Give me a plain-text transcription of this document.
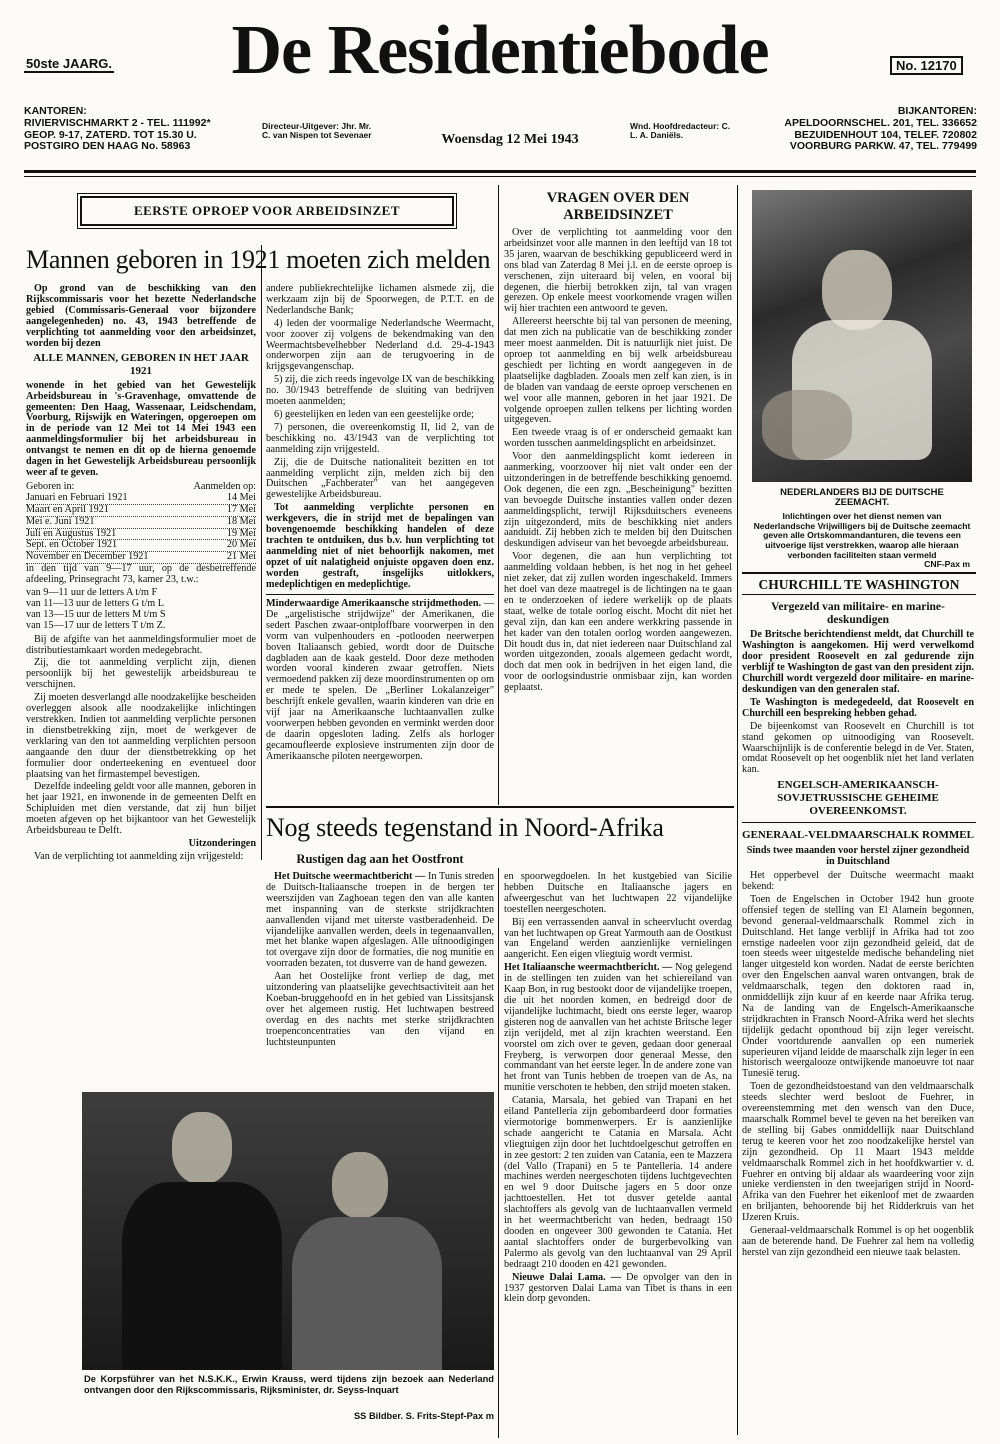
50ste JAARG.	De Residentiebode	No. 12170
KANTOREN:
RIVIERVISCHMARKT 2 - TEL. 111992*
GEOP. 9-17, ZATERD. TOT 15.30 U.
POSTGIRO DEN HAAG No. 58963
Directeur-Uitgever: Jhr. Mr. C. van Nispen tot Sevenaer	Woensdag 12 Mei 1943
Wnd. Hoofdredacteur: C. L. A. Daniëls.
BIJKANTOREN:
APELDOORNSCHEL. 201, TEL. 336652
BEZUIDENHOUT 104, TELEF. 720802
VOORBURG PARKW. 47, TEL. 779499
EERSTE OPROEP VOOR ARBEIDSINZET
Mannen geboren in 1921 moeten zich melden

Op grond van de beschikking van den Rijkscommissaris voor het bezette Nederlandsche gebied (Commissaris-Generaal voor bijzondere aangelegenheden) no. 43, 1943 betreffende de verplichting tot aanmelding voor den arbeidsinzet, worden bij dezen

ALLE MANNEN, GEBOREN IN HET JAAR 1921

wonende in het gebied van het Gewestelijk Arbeidsbureau in 's-Gravenhage, omvattende de gemeenten: Den Haag, Wassenaar, Leidschendam, Voorburg, Rijswijk en Wateringen, opgeroepen om in de periode van 12 Mei tot 14 Mei 1943 een aanmeldingsformulier bij het arbeidsbureau in ontvangst te nemen en dit op de hierna genoemde dagen in het Gewestelijk Arbeidsbureau persoonlijk weer af te geven.

Geboren in:	Aanmelden op:
Januari en Februari 1921	14 Mei
Maart en April 1921	17 Mei
Mei e. Juni 1921	18 Mei
Juli en Augustus 1921	19 Mei
Sept. en October 1921	20 Mei
November en December 1921	21 Mei

in den tijd van 9—17 uur, op de desbetreffende afdeeling, Prinsegracht 73, kamer 23, t.w.:

van 9—11 uur de letters A t/m F
van 11—13 uur de letters G t/m L
van 13—15 uur de letters M t/m S
van 15—17 uur de letters T t/m Z.

Bij de afgifte van het aanmeldingsformulier moet de distributiestamkaart worden medegebracht.

Zij, die tot aanmelding verplicht zijn, dienen persoonlijk bij het gewestelijk arbeidsbureau te verschijnen.

Zij moeten desverlangd alle noodzakelijke bescheiden overleggen alsook alle noodzakelijke inlichtingen verstrekken. Indien tot aanmelding verplichte personen in dienstbetrekking zijn, moet de werkgever de verklaring van den tot aanmelding verplichten persoon aangaande den duur der dienstbetrekking op het formulier door onderteekening en eventueel door plaatsing van het firmastempel bevestigen.

Dezelfde indeeling geldt voor alle mannen, geboren in het jaar 1921, en inwonende in de gemeenten Delft en Schipluiden met dien verstande, dat zij hun biljet moeten afgeven op het bijkantoor van het Gewestelijk Arbeidsbureau te Delft.

Uitzonderingen

Van de verplichting tot aanmelding zijn vrijgesteld:

andere publiekrechtelijke lichamen alsmede zij, die werkzaam zijn bij de Spoorwegen, de P.T.T. en de Nederlandsche Bank;

4) leden der voormalige Nederlandsche Weermacht, voor zoover zij volgens de bekendmaking van den Weermachtsbevelhebber Nederland d.d. 29-4-1943 onderworpen zijn aan de terugvoering in de krijgsgevangenschap.

5) zij, die zich reeds ingevolge IX van de beschikking no. 30/1943 betreffende de sluiting van bedrijven moeten aanmelden;

6) geestelijken en leden van een geestelijke orde;

7) personen, die overeenkomstig II, lid 2, van de beschikking no. 43/1943 van de verplichting tot aanmelding zijn vrijgesteld.

Zij, die de Duitsche nationaliteit bezitten en tot aanmelding verplicht zijn, melden zich bij den Duitschen „Fachberater" van het aangegeven gewestelijke Arbeidsbureau.

Tot aanmelding verplichte personen en werkgevers, die in strijd met de bepalingen van bovengenoemde beschikking handelen of deze trachten te ontduiken, dus b.v. hun verplichting tot aanmelding niet of niet behoorlijk nakomen, met opzet of uit nalatigheid onjuiste opgaven doen enz. worden gestraft, insgelijks uitlokkers, medeplichtigen en medeplichtige.

Minderwaardige Amerikaansche strijdmethoden. — De „argelistische strijdwijze" der Amerikanen, die sedert Paschen zwaar-ontploffbare voorwerpen in den vorm van vulpenhouders en -potlooden neerwerpen boven Italiaansch gebied, wordt door de Duitsche dagbladen aan de kaak gesteld. Door deze methoden worden vooral kinderen zwaar getroffen. Niets vermoedend pakken zij deze moordinstrumenten op om er mede te spelen. De „Berliner Lokalanzeiger" beschrijft enkele gevallen, waarin kinderen van drie en vijf jaar na Amerikaansche luchtaanvallen zulke voorwerpen hebben gevonden en verminkt werden door de daarin opgesloten lading. Zelfs als horloger gecamoufleerde explosieve instrumenten zijn door de Amerikaansche piloten neergeworpen.

VRAGEN OVER DEN ARBEIDSINZET

Over de verplichting tot aanmelding voor den arbeidsinzet voor alle mannen in den leeftijd van 18 tot 35 jaren, waarvan de beschikking gepubliceerd werd in ons blad van Zaterdag 8 Mei j.l. en de eerste oproep is verschenen, zijn uiteraard bij velen, en vooral bij degenen, die hierbij betrokken zijn, tal van vragen gerezen. Op enkele meest voorkomende vragen willen wij hier trachten een antwoord te geven.

Allereerst heerschte bij tal van personen de meening, dat men zich na publicatie van de beschikking zonder meer moest aanmelden. Dit is natuurlijk niet juist. De oproep tot aanmelding en bij welk arbeidsbureau geschiedt per lichting en wordt aangegeven in de plaatselijke dagbladen. Zooals men zelf kan zien, is in de bladen van vandaag de eerste oproep verschenen en wel voor alle mannen, geboren in het jaar 1921. De volgende oproepen zullen telkens per lichting worden uitgegeven.

Een tweede vraag is of er onderscheid gemaakt kan worden tusschen aanmeldingsplicht en arbeidsinzet.

Voor den aanmeldingsplicht komt iedereen in aanmerking, voorzoover hij niet valt onder een der uitzonderingen in de betreffende beschikking genoemd. Ook degenen, die een zgn. „Bescheinigung" bezitten van bevoegde Duitsche instanties vallen onder dezen aanmeldingsplicht, terwijl Rijksduitschers eveneens zijn uitgezonderd, mits de beschikking niet anders aanduidt. Zij hebben zich te melden bij den Duitschen deskundigen adviseur van het bevoegde arbeidsbureau.

Voor degenen, die aan hun verplichting tot aanmelding voldaan hebben, is het nog in het geheel niet zeker, dat zij zullen worden ingeschakeld. Immers het doel van deze maatregel is de lichtingen na te gaan en te onderzoeken of iedere werkelijk op de plaats staat, welke de totale oorlog eischt. Mocht dit niet het geval zijn, dan kan een andere werkkring passende in het kader van den totalen oorlog worden aangewezen. Dit houdt dus in, dat niet iedereen naar Duitschland zal worden uitgezonden, zooals algemeen gedacht wordt, doch dat men ook in bedrijven in het eigen land, die voor de oorlogsindustrie onmisbaar zijn, kan worden geplaatst.

NEDERLANDERS BIJ DE DUITSCHE ZEEMACHT.
Inlichtingen over het dienst nemen van Nederlandsche Vrijwilligers bij de Duitsche zeemacht geven alle Ortskommandanturen, die tevens een uitvoerige lijst verstrekken, waarop alle hieraan verbonden faciliteiten staan vermeld
CNF-Pax m
CHURCHILL TE WASHINGTON
Vergezeld van militaire- en marine-deskundigen

De Britsche berichtendienst meldt, dat Churchill te Washington is aangekomen. Hij werd verwelkomd door president Roosevelt en zal gedurende zijn verblijf te Washington de gast van den president zijn. Churchill wordt vergezeld door militaire- en marine-deskundigen van den generalen staf.

Te Washington is medegedeeld, dat Roosevelt en Churchill een bespreking hebben gehad.

De bijeenkomst van Roosevelt en Churchill is tot stand gekomen op uitnoodiging van Roosevelt. Waarschijnlijk is de conferentie belegd in de Ver. Staten, omdat Roosevelt op het oogenblik niet het land verlaten kan.

ENGELSCH-AMERIKAANSCH-SOVJETRUSSISCHE GEHEIME OVEREENKOMST.

GENERAAL-VELDMAARSCHALK ROMMEL
Sinds twee maanden voor herstel zijner gezondheid in Duitschland

Het opperbevel der Duitsche weermacht maakt bekend:

Toen de Engelschen in October 1942 hun groote offensief tegen de stelling van El Alamein begonnen, bevond generaal-veldmaarschalk Rommel zich in Duitschland. Het lange verblijf in Afrika had tot zoo ernstige nadeelen voor zijn gezondheid geleid, dat de toen steeds weer uitgestelde medische behandeling niet langer uitgesteld kon worden. Nadat de eerste berichten over den Engelschen aanval waren ontvangen, brak de veldmaarschalk, tegen den doktoren raad in, onmiddellijk zijn kuur af en keerde naar Afrika terug. Na de landing van de Engelsch-Amerikaansche strijdkrachten in Fransch Noord-Afrika werd het slechts tijdelijk gedacht oponthoud bij zijn leger vereischt. Onder voortdurende aanvallen op een numeriek superieuren vijand leidde de maarschalk zijn leger in een historisch weergalooze ontwijkende manoeuvre tot naar Tunesië terug.

Toen de gezondheidstoestand van den veldmaarschalk steeds slechter werd besloot de Fuehrer, in overeenstemming met den wensch van den Duce, maarschalk Rommel bevel te geven na het bereiken van de stelling bij Gabes onmiddellijk naar Duitschland terug te keeren voor het zoo noodzakelijke herstel van zijn gezondheid. Op 11 Maart 1943 meldde veldmaarschalk Rommel zich in het hoofdkwartier v. d. Fuehrer en ontving bij aldaar als waardeering voor zijn unieke verdiensten in den tweejarigen strijd in Noord-Afrika van den Fuehrer het eikenloof met de zwaarden en briljanten, behoorende bij het Ridderkruis van het IJzeren Kruis.

Generaal-veldmaarschalk Rommel is op het oogenblik aan de beterende hand. De Fuehrer zal hem na volledig herstel van zijn gezondheid een nieuwe taak belasten.

Nog steeds tegenstand in Noord-Afrika
Rustigen dag aan het Oostfront

Het Duitsche weermachtbericht — In Tunis streden de Duitsch-Italiaansche troepen in de bergen ter weerszijden van Zaghoean tegen den van alle kanten met inspanning van de sterkste strijdkrachten aanvallenden vijand met uiterste vastberadenheid. De vijandelijke aanvallen werden, deels in tegenaanvallen, met het blanke wapen afgeslagen. Alle uitnoodigingen tot overgave zijn door de formaties, die nog munitie en voorraden bezaten, tot dusverre van de hand gewezen.

Aan het Oostelijke front verliep de dag, met uitzondering van plaatselijke gevechtsactiviteit aan het Koeban-bruggehoofd en in het gebied van Lissitsjansk over het algemeen rustig. Het luchtwapen bestreed overdag en des nachts met sterke strijdkrachten troepenconcentraties van den vijand en luchtsteunpunten

en spoorwegdoelen. In het kustgebied van Sicilie hebben Duitsche en Italiaansche jagers en afweergeschut van het luchtwapen 22 vijandelijke toestellen neergeschoten.

Bij een verrassenden aanval in scheervlucht overdag van het luchtwapen op Great Yarmouth aan de Oostkust van Engeland werden aanzienlijke vernielingen aangericht. Een eigen vliegtuig wordt vermist.

Het Italiaansche weermachtbericht. — Nog gelegend in de stellingen ten zuiden van het schiereiland van Kaap Bon, in rug bestookt door de vijandelijke troepen, die uit het noorden komen, en bedreigd door de vijandelijke luchtmacht, biedt ons eerste leger, waarop gisteren nog de aanvallen van het achtste Britsche leger zijn verijdeld, met al zijn krachten weerstand. Een voorstel om zich over te geven, gedaan door generaal Freyberg, is verworpen door generaal Messe, den commandant van het eerste leger. In de andere zone van het front van Tunis hebben de troepen van de As, na munitie verschoten te hebben, den strijd moeten staken.

Catania, Marsala, het gebied van Trapani en het eiland Pantelleria zijn gebombardeerd door formaties viermotorige bommenwerpers. Er is aanzienlijke schade aangericht te Catania en Marsala. Acht vliegtuigen zijn door het luchtdoelgeschut getroffen en in zee gestort: 2 ten zuiden van Catania, een te Mazzera (del Vallo (Trapani) en 5 te Pantelleria. 14 andere machines werden neergeschoten tijdens luchtgevechten en wel 9 door Duitsche jagers en 5 door onze jachttoestellen. Het tot dusver getelde aantal slachtoffers als gevolg van de luchtaanvallen vermeld in het weermachtbericht van heden, bedraagt 150 dooden en ongeveer 300 gewonden te Catania. Het aantal slachtoffers onder de burgerbevolking van Palermo als gevolg van den luchtaanval van 29 April bedraagt 210 dooden en 421 gewonden.

Nieuwe Dalai Lama. — De opvolger van den in 1937 gestorven Dalai Lama van Tibet is thans in een klein dorp gevonden.

De Korpsführer van het N.S.K.K., Erwin Krauss, werd tijdens zijn bezoek aan Nederland ontvangen door den Rijkscommissaris, Rijksminister, dr. Seyss-Inquart
SS Bildber. S. Frits-Stepf-Pax m
